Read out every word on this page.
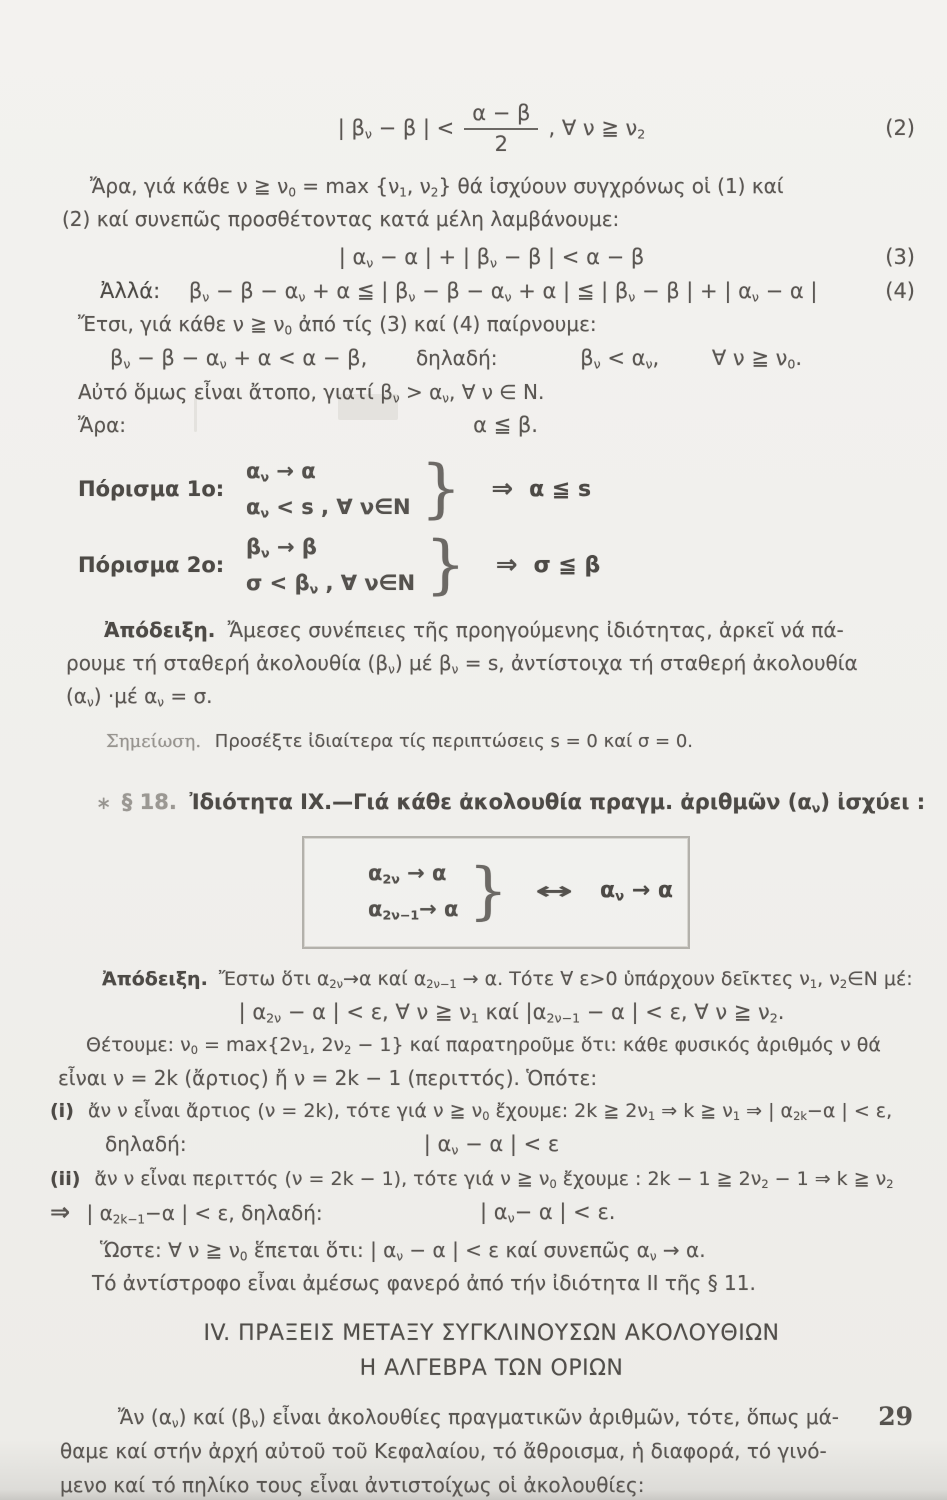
| $\beta_\nu - \beta$ | < $\frac{\alpha - \beta}{2}$ , ∀ ν ≧ $\nu_2$	(2)
Ἄρα, γιά κάθε ν ≧ $\nu_0 = \max \{\nu_1$, $\nu_2$} θά ἰσχύουν συγχρόνως οἱ (1) καί
(2) καί συνεπῶς προσθέτοντας κατά μέλη λαμβάνουμε:
| $\alpha_\nu - \alpha$ | + | $\beta_\nu - \beta$ | < α − β	(3)
Ἀλλά: $\beta_\nu - \beta - \alpha_\nu + \alpha$ ≦ | $\beta_\nu - \beta - \alpha_\nu + \alpha$ | ≦ | $\beta_\nu - \beta$ | + | $\alpha_\nu - \alpha$ |	(4)
Ἔτσι, γιά κάθε ν ≧ $\nu_0$ ἀπό τίς (3) καί (4) παίρνουμε:
$\beta_\nu - \beta - \alpha_\nu + \alpha < \alpha - \beta$, δηλαδή:	$\beta_\nu < \alpha_\nu$,	∀ ν ≧ $\nu_0$.
Αὐτό ὅμως εἶναι ἄτοπο, γιατί $\beta_\nu > \alpha_\nu$, ∀ ν ∈ N.
Ἄρα:	α ≦ β.
Πόρισμα 1ο:
$\alpha_\nu \to \alpha$
$\alpha_\nu < s$ , ∀ ν∈N } ⇒ α ≦ s
Πόρισμα 2ο:
$\beta_\nu \to \beta$
$\sigma < \beta_\nu$ , ∀ ν∈N } ⇒ σ ≦ β
Ἀπόδειξη. Ἄμεσες συνέπειες τῆς προηγούμενης ἰδιότητας, ἀρκεῖ νά πά-
ρουμε τή σταθερή ἀκολουθία $(\beta_\nu)$ μέ $\beta_\nu = s$, ἀντίστοιχα τή σταθερή ἀκολουθία
$(\alpha_\nu) \cdot\mu έ$ $\alpha_\nu = \sigma$.
Σημείωση. Προσέξτε ἰδιαίτερα τίς περιπτώσεις s = 0 καί σ = 0.
∗ § 18. Ἰδιότητα IX.—Γιά κάθε ἀκολουθία πραγμ. ἀριθμῶν $(\alpha_\nu)$ ἰσχύει :
$\alpha_{2\nu} \to \alpha$
$\alpha_{2\nu-1}\to \alpha$ } ↔ $\alpha_\nu \to \alpha$
Ἀπόδειξη. Ἔστω ὅτι $\alpha_{2\nu}\to\alpha$ καί $\alpha_{2\nu-1} \to \alpha$. Τότε ∀ ε>0 ὑπάρχουν δεῖκτες $\nu_1$, $\nu_2\in N$ μέ:
| $\alpha_{2\nu} - \alpha$ | < ε, ∀ ν ≧ $\nu_1$ καί $|\alpha_{2\nu-1} - \alpha$ | < ε, ∀ ν ≧ $\nu_2$.
Θέτουμε: $\nu_0 = \max\{2\nu_1$, $2\nu_2 - 1$} καί παρατηροῦμε ὅτι: κάθε φυσικός ἀριθμός ν θά
εἶναι ν = 2k (ἄρτιος) ἤ ν = 2k − 1 (περιττός). Ὁπότε:
(i) ἄν ν εἶναι ἄρτιος (ν = 2k), τότε γιά ν ≧ $\nu_0$ ἔχουμε: 2k ≧ $2\nu_1$ ⇒ k ≧ $\nu_1$ ⇒ | $\alpha_{2k}-\alpha$ | < ε,
δηλαδή:	| $\alpha_\nu - \alpha$ | < ε
(ii) ἄν ν εἶναι περιττός (ν = 2k − 1), τότε γιά ν ≧ $\nu_0$ ἔχουμε : 2k − 1 ≧ $2\nu_2 - 1$ ⇒ k ≧ $\nu_2$
⇒ | $\alpha_{2k-1}-\alpha$ | < ε, δηλαδή:	| $\alpha_\nu- \alpha$ | < ε.
Ὥστε: ∀ ν ≧ $\nu_0$ ἕπεται ὅτι: | $\alpha_\nu - \alpha$ | < ε καί συνεπῶς $\alpha_\nu \to \alpha$.
Τό ἀντίστροφο εἶναι ἀμέσως φανερό ἀπό τήν ἰδιότητα II τῆς § 11.
IV. ΠΡΑΞΕΙΣ ΜΕΤΑΞΥ ΣΥΓΚΛΙΝΟΥΣΩΝ ΑΚΟΛΟΥΘΙΩΝ
Η ΑΛΓΕΒΡΑ ΤΩΝ ΟΡΙΩΝ
Ἄν $(\alpha_\nu)$ καί $(\beta_\nu)$ εἶναι ἀκολουθίες πραγματικῶν ἀριθμῶν, τότε, ὅπως μά-
θαμε καί στήν ἀρχή αὐτοῦ τοῦ Κεφαλαίου, τό ἄθροισμα, ἡ διαφορά, τό γινό-
μενο καί τό πηλίκο τους εἶναι ἀντιστοίχως οἱ ἀκολουθίες:
29
